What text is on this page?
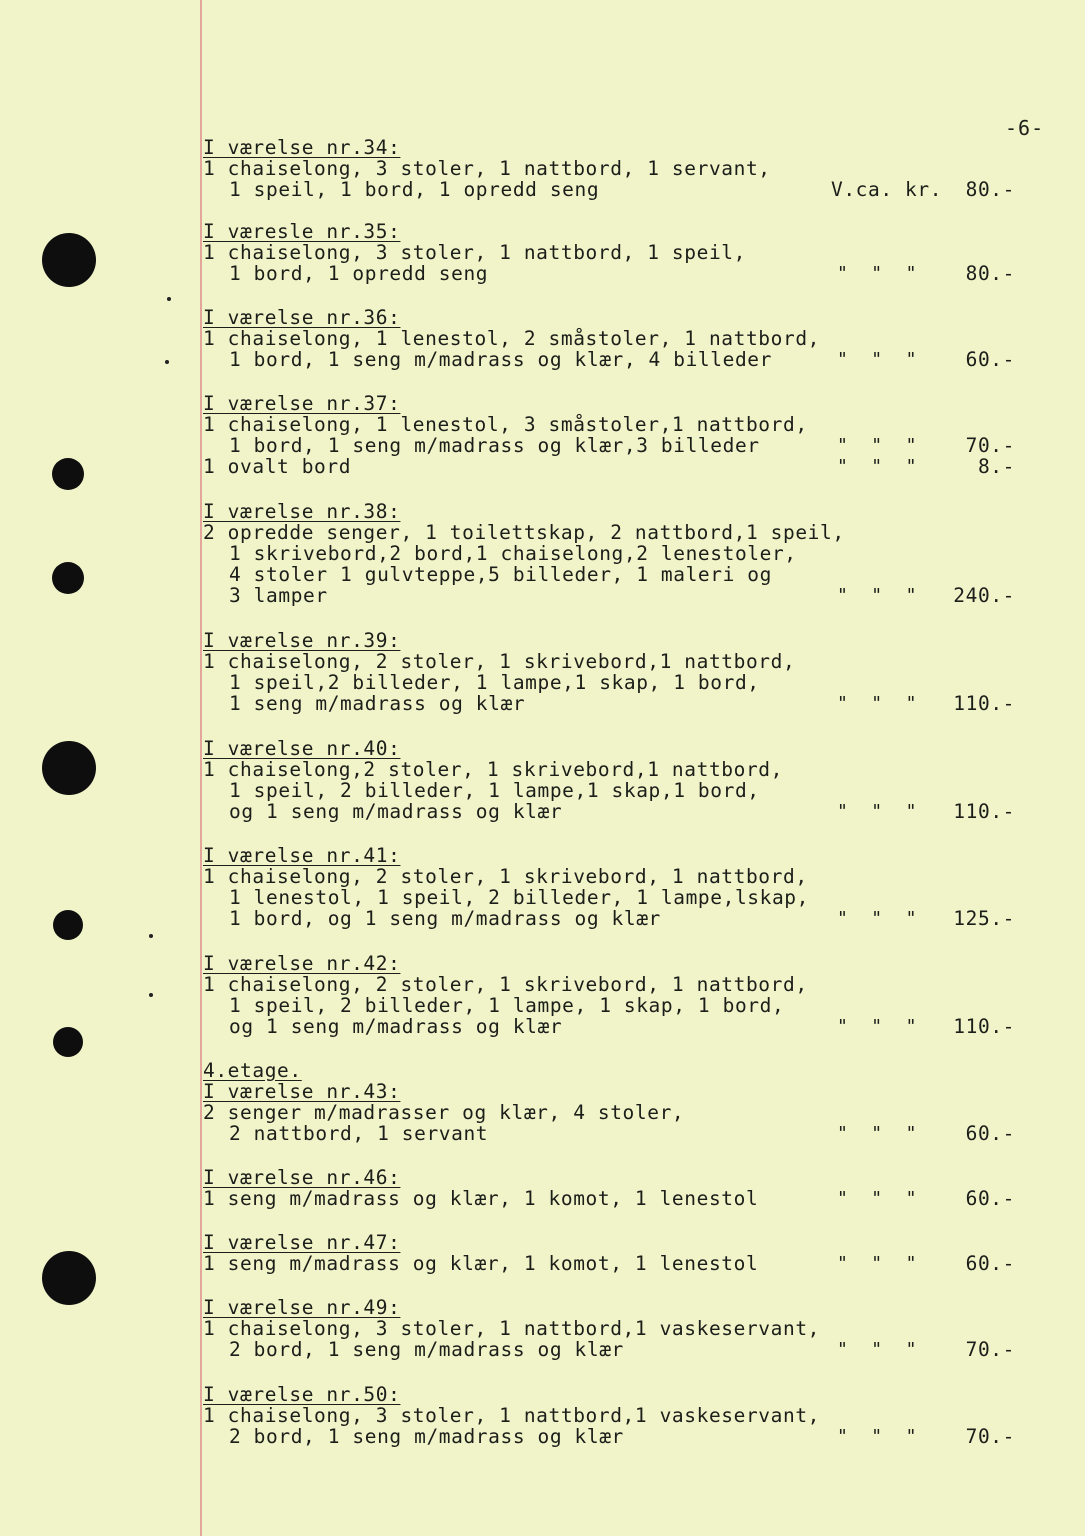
-6-
I værelse nr.34:
1 chaiselong, 3 stoler, 1 nattbord, 1 servant,
1 speil, 1 bord, 1 opredd seng	V.ca. kr. 80.-
I væresle nr.35:
1 chaiselong, 3 stoler, 1 nattbord, 1 speil,
1 bord, 1 opredd seng	"  "  "	80.-
I værelse nr.36:
1 chaiselong, 1 lenestol, 2 småstoler, 1 nattbord,
1 bord, 1 seng m/madrass og klær, 4 billeder	"  "  "	60.-
I værelse nr.37:
1 chaiselong, 1 lenestol, 3 småstoler,1 nattbord,
1 bord, 1 seng m/madrass og klær,3 billeder	"  "  "	70.-
1 ovalt bord	"  "  "	8.-
I værelse nr.38:
2 opredde senger, 1 toilettskap, 2 nattbord,1 speil,
1 skrivebord,2 bord,1 chaiselong,2 lenestoler,
4 stoler 1 gulvteppe,5 billeder, 1 maleri og
3 lamper	"  "  "	240.-
I værelse nr.39:
1 chaiselong, 2 stoler, 1 skrivebord,1 nattbord,
1 speil,2 billeder, 1 lampe,1 skap, 1 bord,
1 seng m/madrass og klær	"  "  "	110.-
I værelse nr.40:
1 chaiselong,2 stoler, 1 skrivebord,1 nattbord,
1 speil, 2 billeder, 1 lampe,1 skap,1 bord,
og 1 seng m/madrass og klær	"  "  "	110.-
I værelse nr.41:
1 chaiselong, 2 stoler, 1 skrivebord, 1 nattbord,
1 lenestol, 1 speil, 2 billeder, 1 lampe,lskap,
1 bord, og 1 seng m/madrass og klær	"  "  "	125.-
I værelse nr.42:
1 chaiselong, 2 stoler, 1 skrivebord, 1 nattbord,
1 speil, 2 billeder, 1 lampe, 1 skap, 1 bord,
og 1 seng m/madrass og klær	"  "  "	110.-
4.etage.
I værelse nr.43:
2 senger m/madrasser og klær, 4 stoler,
2 nattbord, 1 servant	"  "  "	60.-
I værelse nr.46:
1 seng m/madrass og klær, 1 komot, 1 lenestol	"  "  "	60.-
I værelse nr.47:
1 seng m/madrass og klær, 1 komot, 1 lenestol	"  "  "	60.-
I værelse nr.49:
1 chaiselong, 3 stoler, 1 nattbord,1 vaskeservant,
2 bord, 1 seng m/madrass og klær	"  "  "	70.-
I værelse nr.50:
1 chaiselong, 3 stoler, 1 nattbord,1 vaskeservant,
2 bord, 1 seng m/madrass og klær	"  "  "	70.-
